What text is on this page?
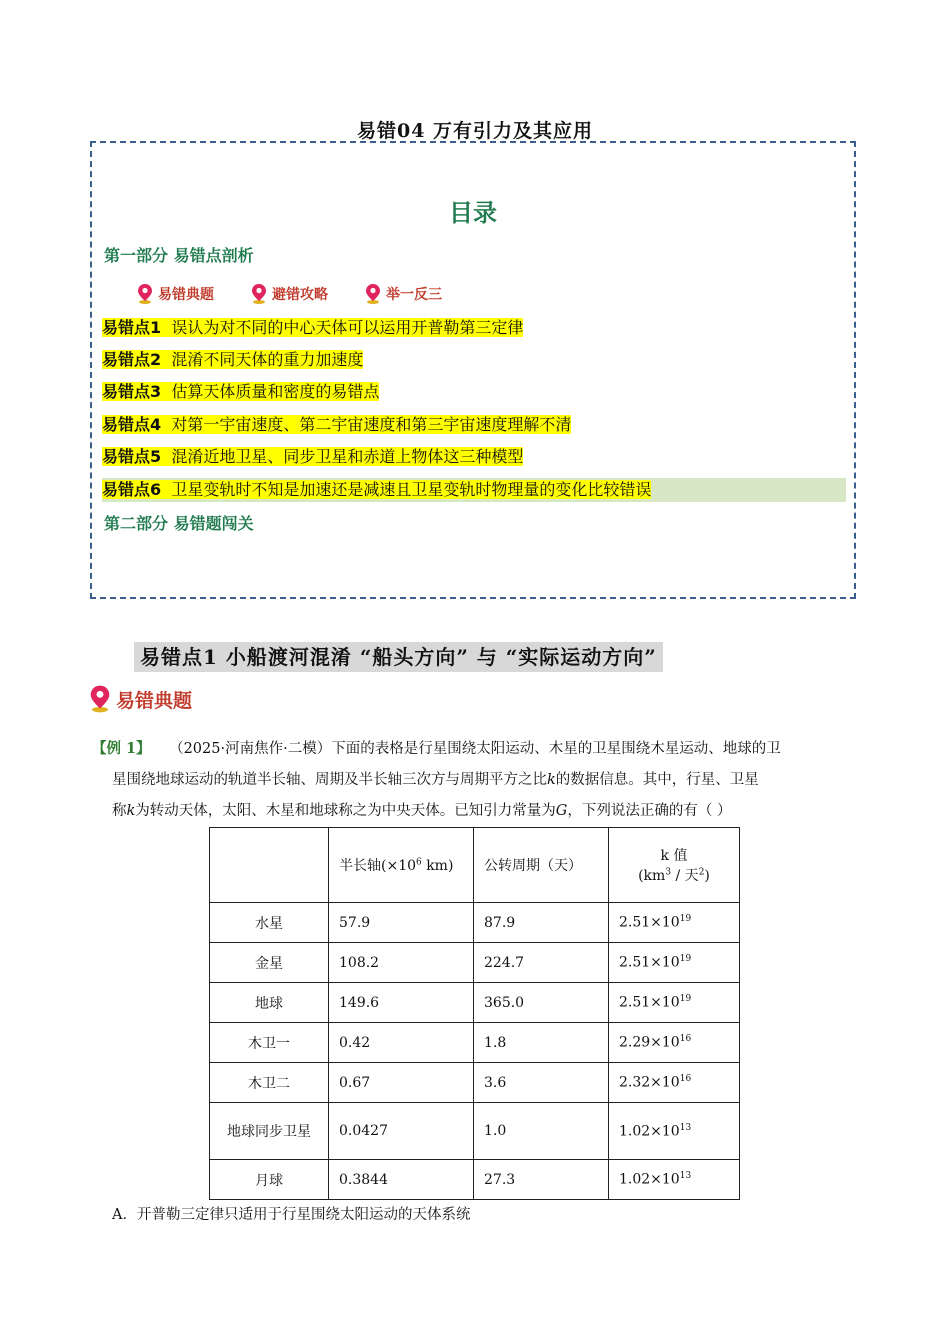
易错04 万有引力及其应用
目录
第一部分 易错点剖析
易错典题	避错攻略	举一反三
易错点1 误认为对不同的中心天体可以运用开普勒第三定律
易错点2 混淆不同天体的重力加速度
易错点3 估算天体质量和密度的易错点
易错点4 对第一宇宙速度、第二宇宙速度和第三宇宙速度理解不清
易错点5 混淆近地卫星、同步卫星和赤道上物体这三种模型
易错点6 卫星变轨时不知是加速还是减速且卫星变轨时物理量的变化比较错误
第二部分 易错题闯关
易错点1 小船渡河混淆 “船头方向” 与 “实际运动方向”
易错典题
【例 1】 （2025·河南焦作·二模）下面的表格是行星围绕太阳运动、木星的卫星围绕木星运动、地球的卫
星围绕地球运动的轨道半长轴、周期及半长轴三次方与周期平方之比k的数据信息。其中，行星、卫星
称k为转动天体，太阳、木星和地球称之为中央天体。已知引力常量为G，下列说法正确的有（ ）
	半长轴($\times 10^6$ km)	公转周期（天）	k 值
($km^3$ / 天$^2$)

水星	57.9	87.9	$2.51\times 10^{19}$
金星	108.2	224.7	$2.51\times 10^{19}$
地球	149.6	365.0	$2.51\times 10^{19}$
木卫一	0.42	1.8	$2.29\times 10^{16}$
木卫二	0.67	3.6	$2.32\times 10^{16}$
地球同步卫星	0.0427	1.0	$1.02\times 10^{13}$
月球	0.3844	27.3	$1.02\times 10^{13}$
A．开普勒三定律只适用于行星围绕太阳运动的天体系统
